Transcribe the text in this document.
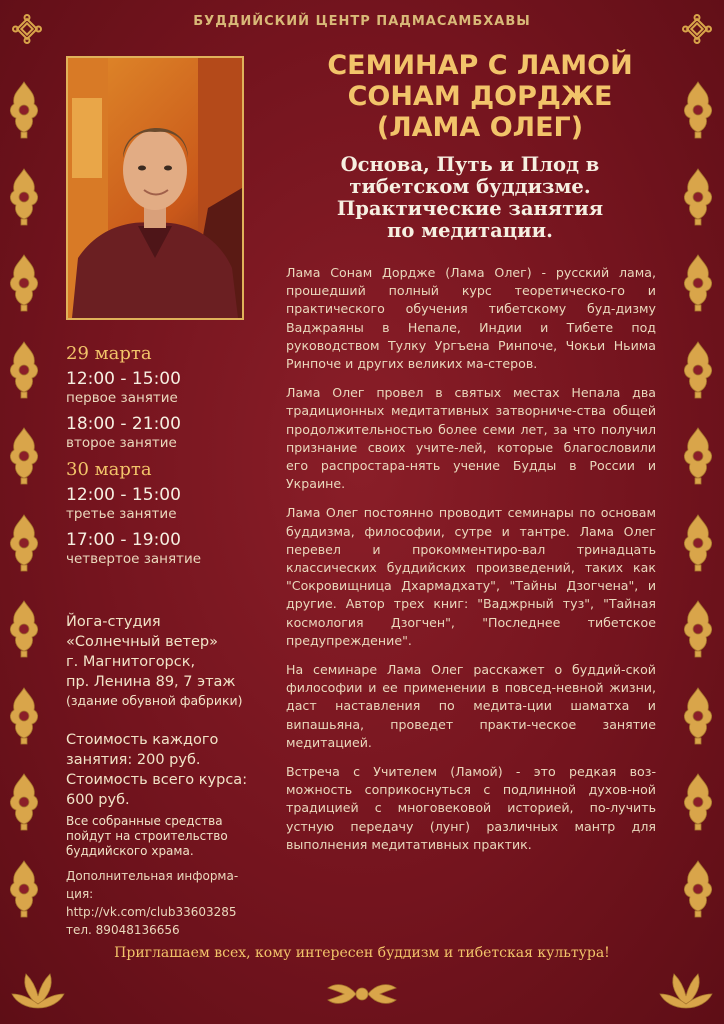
БУДДИЙСКИЙ ЦЕНТР ПАДМАСАМБХАВЫ
СЕМИНАР С ЛАМОЙ
СОНАМ ДОРДЖЕ
(ЛАМА ОЛЕГ)
Основа, Путь и Плод в
тибетском буддизме.
Практические занятия
по медитации.

Лама Сонам Дордже (Лама Олег) - русский лама, прошедший полный курс теоретическо-го и практического обучения тибетскому буд-дизму Ваджраяны в Непале, Индии и Тибете под руководством Тулку Ургъена Ринпоче, Чокьи Ньима Ринпоче и других великих ма-стеров.

Лама Олег провел в святых местах Непала два традиционных медитативных затворниче-ства общей продолжительностью более семи лет, за что получил признание своих учите-лей, которые благословили его распростара-нять учение Будды в России и Украине.

Лама Олег постоянно проводит семинары по основам буддизма, философии, сутре и тантре. Лама Олег перевел и прокомментиро-вал тринадцать классических буддийских произведений, таких как "Сокровищница Дхармадхату", "Тайны Дзогчена", и другие. Автор трех книг: "Ваджрный туз", "Тайная космология Дзогчен", "Последнее тибетское предупреждение".

На семинаре Лама Олег расскажет о буддий-ской философии и ее применении в повсед-невной жизни, даст наставления по медита-ции шаматха и випашьяна, проведет практи-ческое занятие медитацией.

Встреча с Учителем (Ламой) - это редкая воз-можность соприкоснуться с подлинной духов-ной традицией с многовековой историей, по-лучить устную передачу (лунг) различных мантр для выполнения медитативных практик.

29 марта
12:00 - 15:00
первое занятие
18:00 - 21:00
второе занятие
30 марта
12:00 - 15:00
третье занятие
17:00 - 19:00
четвертое занятие
Йога-студия
«Солнечный ветер»
г. Магнитогорск,
пр. Ленина 89, 7 этаж
(здание обувной фабрики)
Стоимость каждого
занятия: 200 руб.
Стоимость всего курса:
600 руб.
Все собранные средства
пойдут на строительство
буддийского храма.
Дополнительная информа-
ция:
http://vk.com/club33603285
тел. 89048136656
Приглашаем всех, кому интересен буддизм и тибетская культура!
